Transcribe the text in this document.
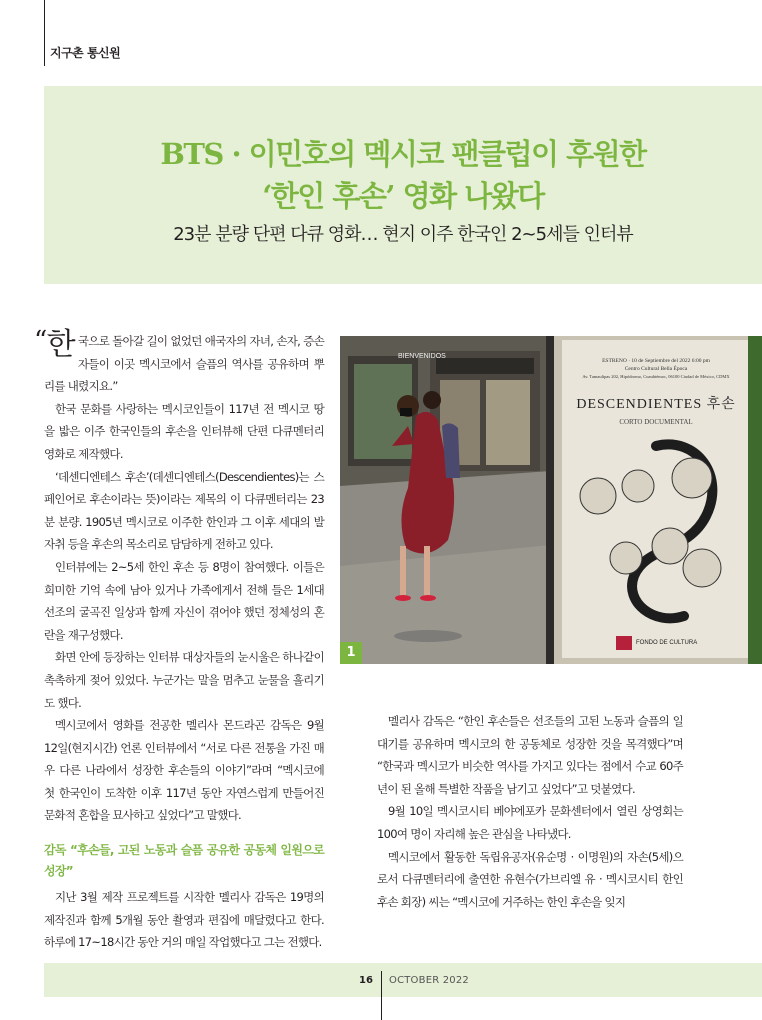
지구촌 통신원
BTS · 이민호의 멕시코 팬클럽이 후원한
‘한인 후손’ 영화 나왔다
23분 분량 단편 다큐 영화… 현지 이주 한국인 2~5세들 인터뷰

“한 국으로 돌아갈 길이 없었던 애국자의 자녀, 손자, 증손자들이 이곳 멕시코에서 슬픔의 역사를 공유하며 뿌리를 내렸지요.”

한국 문화를 사랑하는 멕시코인들이 117년 전 멕시코 땅을 밟은 이주 한국인들의 후손을 인터뷰해 단편 다큐멘터리 영화로 제작했다.

‘데센디엔테스 후손’(데센디엔테스(Descendientes)는 스페인어로 후손이라는 뜻)이라는 제목의 이 다큐멘터리는 23분 분량. 1905년 멕시코로 이주한 한인과 그 이후 세대의 발자취 등을 후손의 목소리로 담담하게 전하고 있다.

인터뷰에는 2~5세 한인 후손 등 8명이 참여했다. 이들은 희미한 기억 속에 남아 있거나 가족에게서 전해 들은 1세대 선조의 굴곡진 일상과 함께 자신이 겪어야 했던 정체성의 혼란을 재구성했다.

화면 안에 등장하는 인터뷰 대상자들의 눈시울은 하나같이 촉촉하게 젖어 있었다. 누군가는 말을 멈추고 눈물을 흘리기도 했다.

멕시코에서 영화를 전공한 멜리사 몬드라곤 감독은 9월 12일(현지시간) 언론 인터뷰에서 “서로 다른 전통을 가진 매우 다른 나라에서 성장한 후손들의 이야기”라며 “멕시코에 첫 한국인이 도착한 이후 117년 동안 자연스럽게 만들어진 문화적 혼합을 묘사하고 싶었다”고 말했다.

감독 “후손들, 고된 노동과 슬픔 공유한 공동체 일원으로 성장”

지난 3월 제작 프로젝트를 시작한 멜리사 감독은 19명의 제작진과 함께 5개월 동안 촬영과 편집에 매달렸다고 한다. 하루에 17~18시간 동안 거의 매일 작업했다고 그는 전했다.

BIENVENIDOS
ESTRENO · 10 de Septiembre del 2022 6:00 pm
Centro Cultural Bella Época
Av. Tamaulipas 202, Hipódromo, Cuauhtémoc, 06100 Ciudad de México, CDMX
DESCENDIENTES 후손
CORTO DOCUMENTAL
FONDO DE CULTURA
1

멜리사 감독은 “한인 후손들은 선조들의 고된 노동과 슬픔의 일대기를 공유하며 멕시코의 한 공동체로 성장한 것을 목격했다”며 “한국과 멕시코가 비슷한 역사를 가지고 있다는 점에서 수교 60주년이 된 올해 특별한 작품을 남기고 싶었다”고 덧붙였다.

9월 10일 멕시코시티 베야에포카 문화센터에서 열린 상영회는 100여 명이 자리해 높은 관심을 나타냈다.

멕시코에서 활동한 독립유공자(유순명 · 이명원)의 자손(5세)으로서 다큐멘터리에 출연한 유현수(가브리엘 유 · 멕시코시티 한인 후손 회장) 씨는 “멕시코에 거주하는 한인 후손을 잊지

16 OCTOBER 2022
